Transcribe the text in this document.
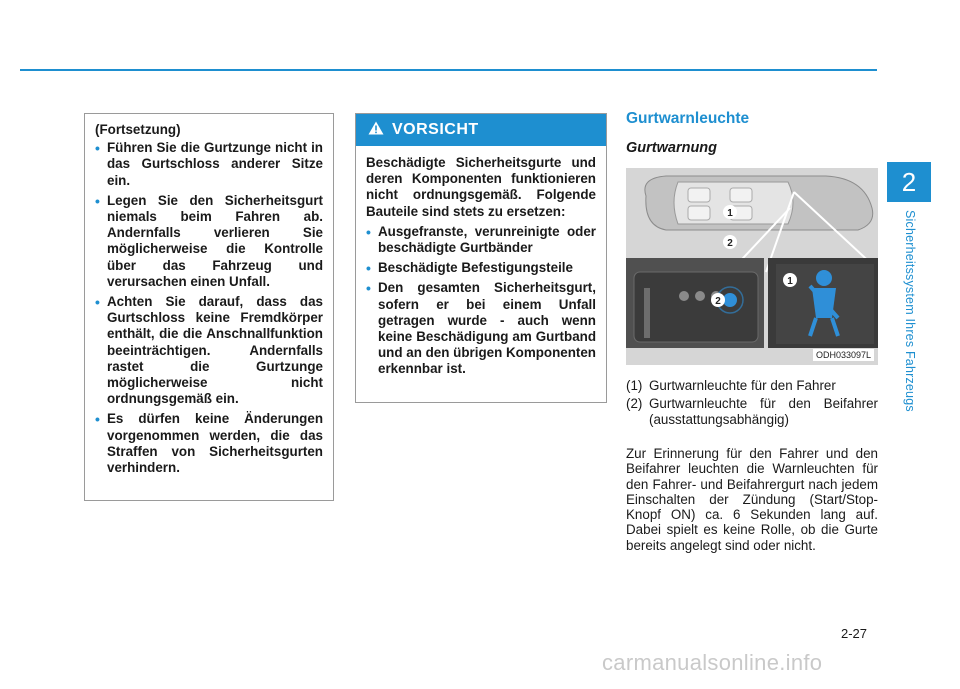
2
Sicherheitssystem Ihres Fahrzeugs
(Fortsetzung)
• Führen Sie die Gurtzunge nicht in das Gurtschloss anderer Sitze ein.
• Legen Sie den Sicherheitsgurt niemals beim Fahren ab. Andernfalls verlieren Sie möglicherweise die Kontrolle über das Fahrzeug und verursachen einen Unfall.
• Achten Sie darauf, dass das Gurtschloss keine Fremdkörper enthält, die die Anschnallfunktion beeinträchtigen. Andernfalls rastet die Gurtzunge möglicherweise nicht ordnungsgemäß ein.
• Es dürfen keine Änderungen vorgenommen werden, die das Straffen von Sicherheitsgurten verhindern.
VORSICHT
Beschädigte Sicherheitsgurte und deren Komponenten funktionieren nicht ordnungsgemäß. Folgende Bauteile sind stets zu ersetzen:
• Ausgefranste, verunreinigte oder beschädigte Gurtbänder
• Beschädigte Befestigungsteile
• Den gesamten Sicherheitsgurt, sofern er bei einem Unfall getragen wurde - auch wenn keine Beschädigung am Gurtband und an den übrigen Komponenten erkennbar ist.
Gurtwarnleuchte
Gurtwarnung
1
2
2
1
ODH033097L
(1) Gurtwarnleuchte für den Fahrer
(2) Gurtwarnleuchte für den Beifahrer (ausstattungsabhängig)
Zur Erinnerung für den Fahrer und den Beifahrer leuchten die Warnleuchten für den Fahrer- und Beifahrergurt nach jedem Einschalten der Zündung (Start/Stop-Knopf ON) ca. 6 Sekunden lang auf. Dabei spielt es keine Rolle, ob die Gurte bereits angelegt sind oder nicht.
2-27
carmanualsonline.info
